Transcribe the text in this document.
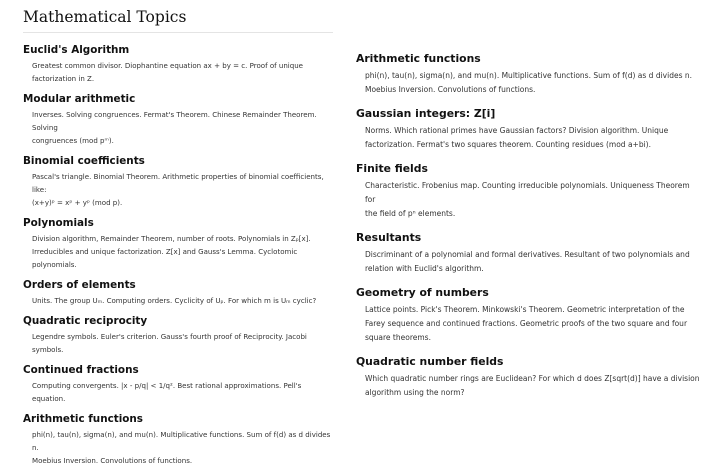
Mathematical Topics
Euclid's Algorithm
Greatest common divisor. Diophantine equation ax + by = c. Proof of unique
factorization in Z.
Modular arithmetic
Inverses. Solving congruences. Fermat's Theorem. Chinese Remainder Theorem. Solving
congruences (mod pᵐ).
Binomial coefficients
Pascal's triangle. Binomial Theorem. Arithmetic properties of binomial coefficients, like:
(x+y)ᵖ = xᵖ + yᵖ (mod p).
Polynomials
Division algorithm, Remainder Theorem, number of roots. Polynomials in Zₚ[x].
Irreducibles and unique factorization. Z[x] and Gauss's Lemma. Cyclotomic polynomials.
Orders of elements
Units. The group Uₘ. Computing orders. Cyclicity of Uₚ. For which m is Uₘ cyclic?
Quadratic reciprocity
Legendre symbols. Euler's criterion. Gauss's fourth proof of Reciprocity. Jacobi symbols.
Continued fractions
Computing convergents. |x - p/q| < 1/q². Best rational approximations. Pell's equation.
Arithmetic functions
phi(n), tau(n), sigma(n), and mu(n). Multiplicative functions. Sum of f(d) as d divides n.
Moebius Inversion. Convolutions of functions.
Arithmetic functions
phi(n), tau(n), sigma(n), and mu(n). Multiplicative functions. Sum of f(d) as d divides n.
Moebius Inversion. Convolutions of functions.
Gaussian integers: Z[i]
Norms. Which rational primes have Gaussian factors? Division algorithm. Unique
factorization. Fermat's two squares theorem. Counting residues (mod a+bi).
Finite fields
Characteristic. Frobenius map. Counting irreducible polynomials. Uniqueness Theorem for
the field of pⁿ elements.
Resultants
Discriminant of a polynomial and formal derivatives. Resultant of two polynomials and
relation with Euclid's algorithm.
Geometry of numbers
Lattice points. Pick's Theorem. Minkowski's Theorem. Geometric interpretation of the
Farey sequence and continued fractions. Geometric proofs of the two square and four
square theorems.
Quadratic number fields
Which quadratic number rings are Euclidean? For which d does Z[sqrt(d)] have a division
algorithm using the norm?
